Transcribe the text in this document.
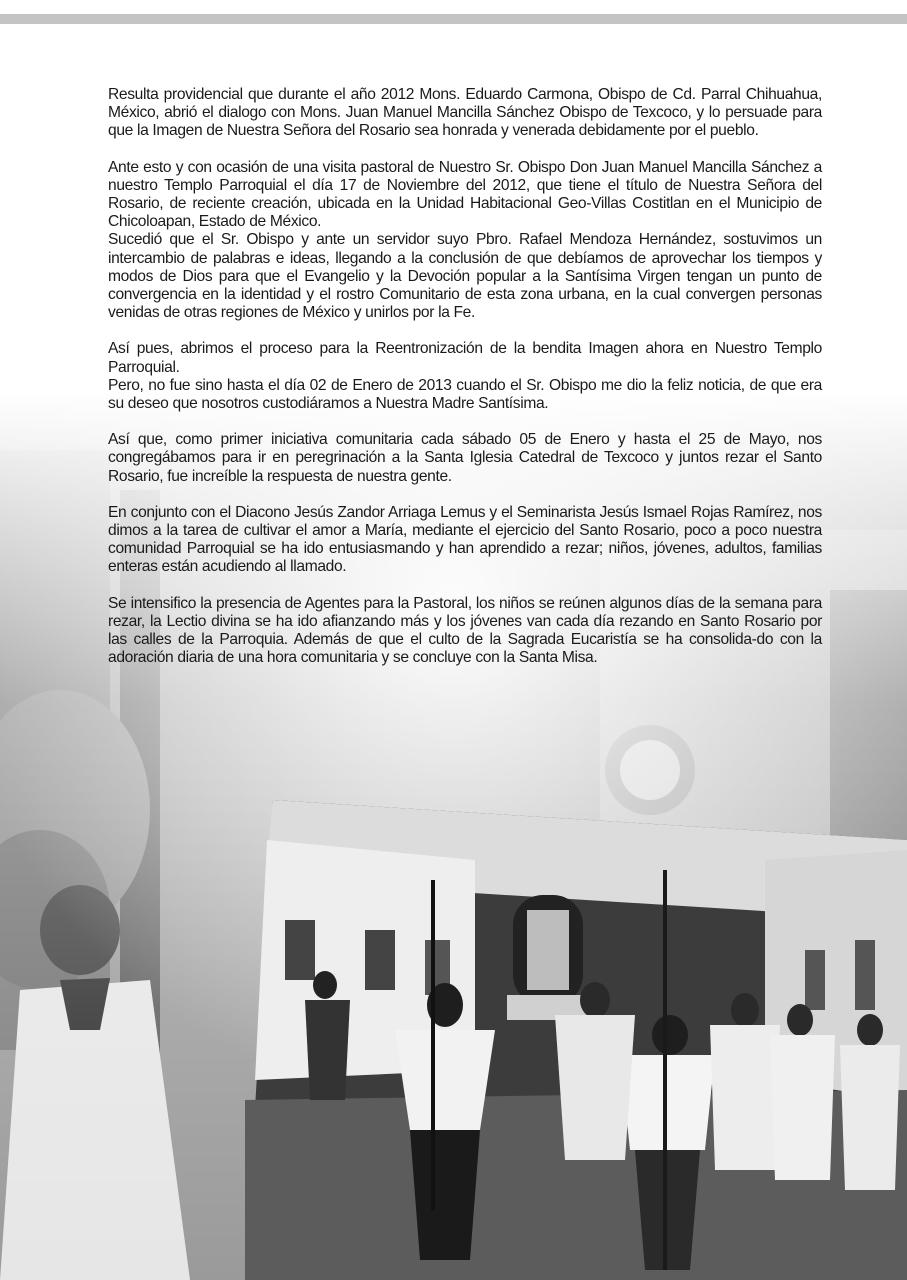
Resulta providencial que durante el año 2012 Mons. Eduardo Carmona, Obispo de Cd. Parral Chihuahua, México, abrió el dialogo con Mons. Juan Manuel Mancilla Sánchez Obispo de Texcoco, y lo persuade para que la Imagen de Nuestra Señora del Rosario sea honrada y venerada debidamente por el pueblo.

Ante esto y con ocasión de una visita pastoral de Nuestro Sr. Obispo Don Juan Manuel Mancilla Sánchez a nuestro Templo Parroquial el día 17 de Noviembre del 2012, que tiene el título de Nuestra Señora del Rosario, de reciente creación, ubicada en la Unidad Habitacional Geo-Villas Costitlan en el Municipio de Chicoloapan, Estado de México.

Sucedió que el Sr. Obispo y ante un servidor suyo Pbro. Rafael Mendoza Hernández, sostuvimos un intercambio de palabras e ideas, llegando a la conclusión de que debíamos de aprovechar los tiempos y modos de Dios para que el Evangelio y la Devoción popular a la Santísima Virgen tengan un punto de convergencia en la identidad y el rostro Comunitario de esta zona urbana, en la cual convergen personas venidas de otras regiones de México y unirlos por la Fe.

Así pues, abrimos el proceso para la Reentronización de la bendita Imagen ahora en Nuestro Templo Parroquial.

Pero, no fue sino hasta el día 02 de Enero de 2013 cuando el Sr. Obispo me dio la feliz noticia, de que era su deseo que nosotros custodiáramos a Nuestra Madre Santísima.

Así que, como primer iniciativa comunitaria cada sábado 05 de Enero y hasta el 25 de Mayo, nos congregábamos para ir en peregrinación a la Santa Iglesia Catedral de Texcoco y juntos rezar el Santo Rosario, fue increíble la respuesta de nuestra gente.

En conjunto con el Diacono Jesús Zandor Arriaga Lemus y el Seminarista Jesús Ismael Rojas Ramírez, nos dimos a la tarea de cultivar el amor a María, mediante el ejercicio del Santo Rosario, poco a poco nuestra comunidad Parroquial se ha ido entusiasmando y han aprendido a rezar; niños, jóvenes, adultos, familias enteras están acudiendo al llamado.

Se intensifico la presencia de Agentes para la Pastoral, los niños se reúnen algunos días de la semana para rezar, la Lectio divina se ha ido afianzando más y los jóvenes van cada día rezando en Santo Rosario por las calles de la Parroquia. Además de que el culto de la Sagrada Eucaristía se ha consolida-do con la adoración diaria de una hora comunitaria y se concluye con la Santa Misa.
